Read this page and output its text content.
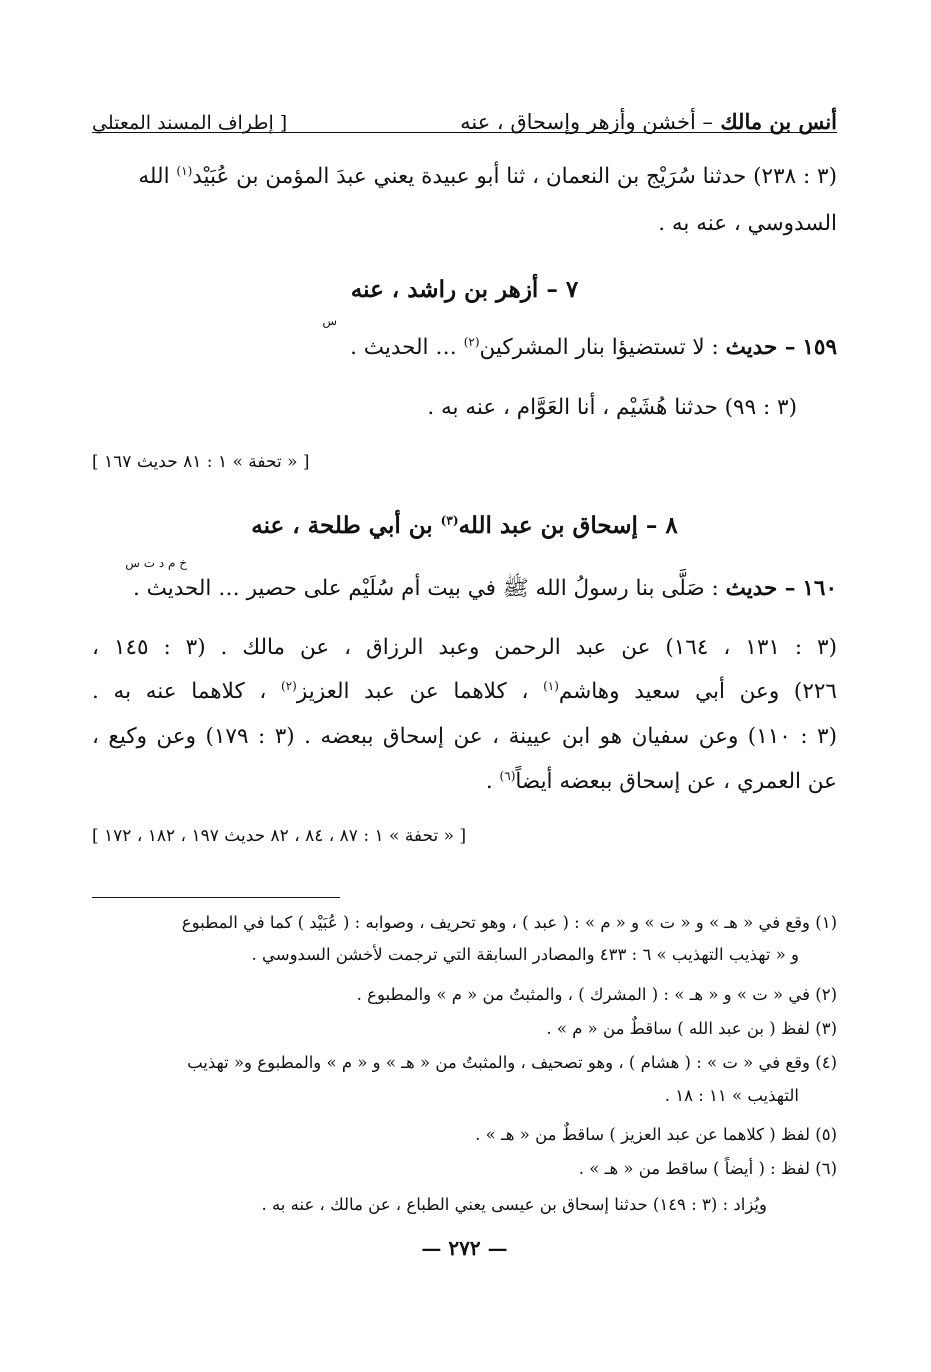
أنس بن مالك – أخشن وأزهر وإسحاق ، عنه
[ إطراف المسند المعتلي
(٣ : ٢٣٨) حدثنا سُرَيْج بن النعمان ، ثنا أبو عبيدة يعني عبدَ المؤمن بن عُبَيْد$^{(١)}$ الله
السدوسي ، عنه به .
٧ – أزهر بن راشد ، عنه
س
١٥٩ – حديث : لا تستضيؤا بنار المشركين$^{(٢)}$ … الحديث .
(٣ : ٩٩) حدثنا هُشَيْم ، أنا العَوَّام ، عنه به .
[ « تحفة » ١ : ٨١ حديث ١٦٧ ]
٨ – إسحاق بن عبد الله$^{(٣)}$ بن أبي طلحة ، عنه
خ م د ت س
١٦٠ – حديث : صَلَّى بنا رسولُ الله ﷺ في بيت أم سُلَيْم على حصير … الحديث .
(٣ : ١٣١ ، ١٦٤) عن عبد الرحمن وعبد الرزاق ، عن مالك . (٣ : ١٤٥ ،
٢٢٦) وعن أبي سعيد وهاشم$^{(١)}$ ، كلاهما عن عبد العزيز$^{(٢)}$ ، كلاهما عنه به .
(٣ : ١١٠) وعن سفيان هو ابن عيينة ، عن إسحاق ببعضه . (٣ : ١٧٩) وعن وكيع ،
عن العمري ، عن إسحاق ببعضه أيضاً$^{(٦)}$ .
[ « تحفة » ١ : ٨٧ ، ٨٤ ، ٨٢ حديث ١٩٧ ، ١٨٢ ، ١٧٢ ]
(١) وقع في « هـ » و « ت » و « م » : ( عبد ) ، وهو تحريف ، وصوابه : ( عُبَيْد ) كما في المطبوع
و « تهذيب التهذيب » ٦ : ٤٣٣ والمصادر السابقة التي ترجمت لأخشن السدوسي .
(٢) في « ت » و « هـ » : ( المشرك ) ، والمثبتُ من « م » والمطبوع .
(٣) لفظ ( بن عبد الله ) ساقطٌ من « م » .
(٤) وقع في « ت » : ( هشام ) ، وهو تصحيف ، والمثبتُ من « هـ » و « م » والمطبوع و« تهذيب
التهذيب » ١١ : ١٨ .
(٥) لفظ ( كلاهما عن عبد العزيز ) ساقطٌ من « هـ » .
(٦) لفظ : ( أيضاً ) ساقط من « هـ » .
ويُزاد : (٣ : ١٤٩) حدثنا إسحاق بن عيسى يعني الطباع ، عن مالك ، عنه به .
— ٢٧٢ —
